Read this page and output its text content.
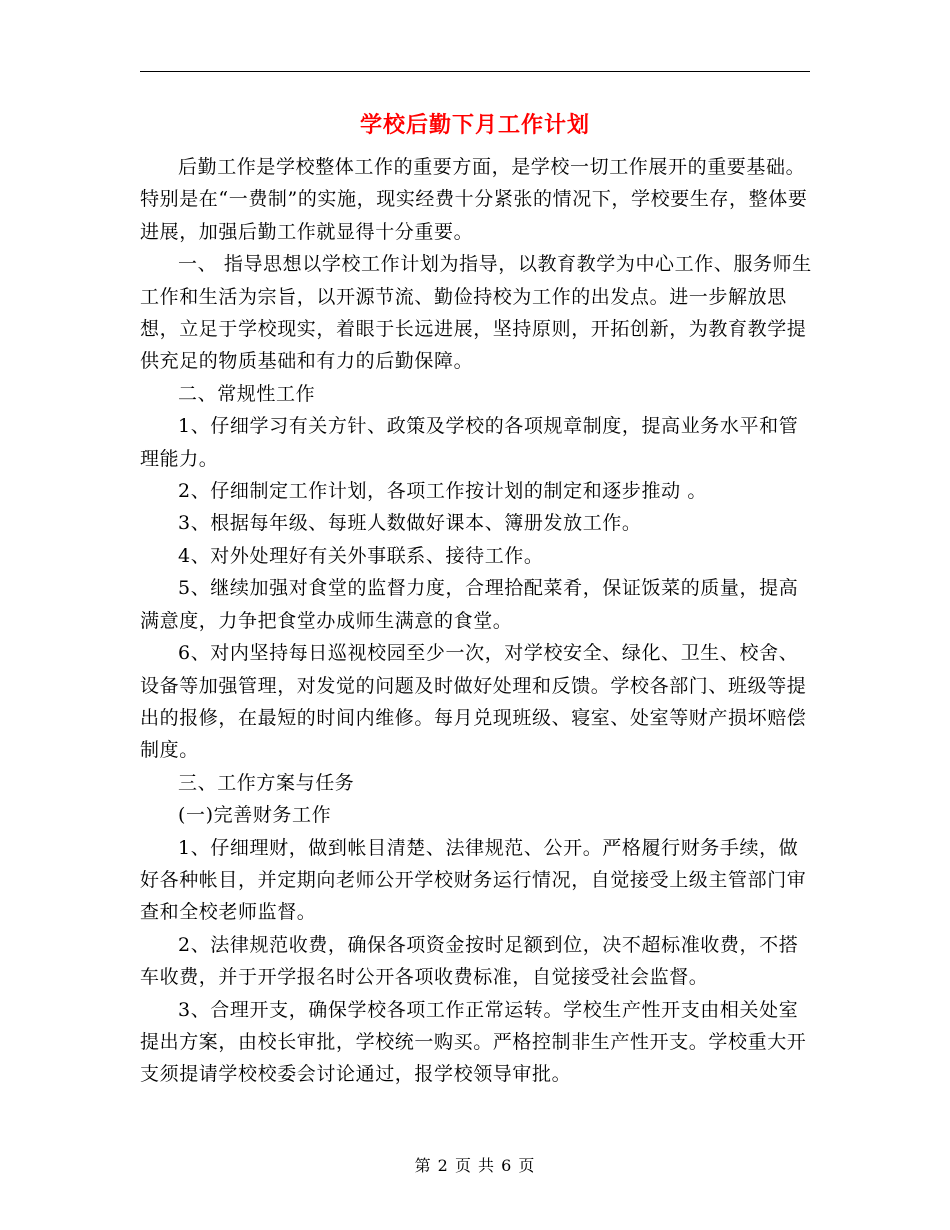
学校后勤下月工作计划

后勤工作是学校整体工作的重要方面，是学校一切工作展开的重要基础。特别是在“一费制”的实施，现实经费十分紧张的情况下，学校要生存，整体要进展，加强后勤工作就显得十分重要。

一、 指导思想以学校工作计划为指导，以教育教学为中心工作、服务师生工作和生活为宗旨，以开源节流、勤俭持校为工作的出发点。进一步解放思想，立足于学校现实，着眼于长远进展，坚持原则，开拓创新，为教育教学提供充足的物质基础和有力的后勤保障。

二、常规性工作

1、仔细学习有关方针、政策及学校的各项规章制度，提高业务水平和管理能力。

2、仔细制定工作计划，各项工作按计划的制定和逐步推动 。

3、根据每年级、每班人数做好课本、簿册发放工作。

4、对外处理好有关外事联系、接待工作。

5、继续加强对食堂的监督力度，合理拾配菜肴，保证饭菜的质量，提高满意度，力争把食堂办成师生满意的食堂。

6、对内坚持每日巡视校园至少一次，对学校安全、绿化、卫生、校舍、设备等加强管理，对发觉的问题及时做好处理和反馈。学校各部门、班级等提出的报修，在最短的时间内维修。每月兑现班级、寝室、处室等财产损坏赔偿制度。

三、工作方案与任务

(一)完善财务工作

1、仔细理财，做到帐目清楚、法律规范、公开。严格履行财务手续，做好各种帐目，并定期向老师公开学校财务运行情况，自觉接受上级主管部门审查和全校老师监督。

2、法律规范收费，确保各项资金按时足额到位，决不超标准收费，不搭车收费，并于开学报名时公开各项收费标准，自觉接受社会监督。

3、合理开支，确保学校各项工作正常运转。学校生产性开支由相关处室提出方案，由校长审批，学校统一购买。严格控制非生产性开支。学校重大开支须提请学校校委会讨论通过，报学校领导审批。

第 2 页 共 6 页
